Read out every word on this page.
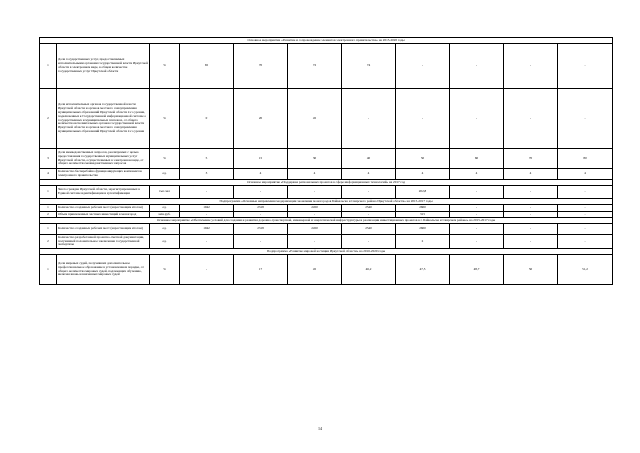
Основное мероприятие «Развитие и сопровождение элементов электронного правительства» на 2015-2020 годы										
1	Доля государственных услуг, предоставляемых исполнительными органами государственной власти Иркутской области в электронном виде, в общем количестве государственных услуг Иркутской области	%	65	70	72	74	-	-	-	-
2	Доля исполнительных органов государственной власти Иркутской области и органов местного самоуправления муниципальных образований Иркутской области 2-го уровня, подключенных к Государственной информационной системе о государственных и муниципальных платежах, от общего количества исполнительных органов государственной власти Иркутской области и органов местного самоуправления муниципальных образований Иркутской области 2-го уровня	%	0	20	45	-	-	-	-	-
3	Доля межведомственных запросов, реализуемых с целью предоставления государственных муниципальных услуг Иркутской области, осуществляемых в электронном виде, от общего количества межведомственных запросов	%	5	15	30	40	50	60	70	80
4	Количество бесперебойно функционирующих компонентов электронного правительства	ед.	3	4	4	4	4	4	4	4
Основное мероприятие «Поддержка региональных проектов в сфере информационных технологий» на 2017 год										
1	Число граждан Иркутской области, зарегистрированных в Единой системе идентификации и аутентификации	тыс.чел	-	-	-	-	202,8	-	-	-
Подпрограмма «Основные направления модернизации экономики моногородов Байкальска и Свирского района Иркутской области» на 2015-2017 годы										
1	Количество созданных рабочих мест (нарастающим итогом)	ед.	1942	2318	2450	2540	2600	-	-	-
2	Объем привлеченных частных инвестиций в моногород	млн.руб.	-	-	-	-	315	-	-	-
Основное мероприятие «Обеспечение условий для создания и развития дорожно-транспортной, инженерной и энергетической инфраструктуры и реализации инвестиционных проектов в г. Байкальске и Свирском районе» на 2015-2017 годы										
1	Количество созданных рабочих мест (нарастающим итогом)	ед.	1942	2318	2450	2540	2600	-	-	-
2	Количество разработанной проектно-сметной документации, получившей положительное заключение государственной экспертизы	ед.	-	-	-	-	2	-	-	-
Подпрограмма «Развитие мировой юстиции Иркутской области» на 2016-2020 годы										
1	Доля мировых судей, получивших дополнительное профессиональное образование в установленном порядке, от общего количества мировых судей, подлежащих обучению, включая вновь назначенных мировых судей	%	-	17	45	46,2	47,5	48,7	50	51,2
14
